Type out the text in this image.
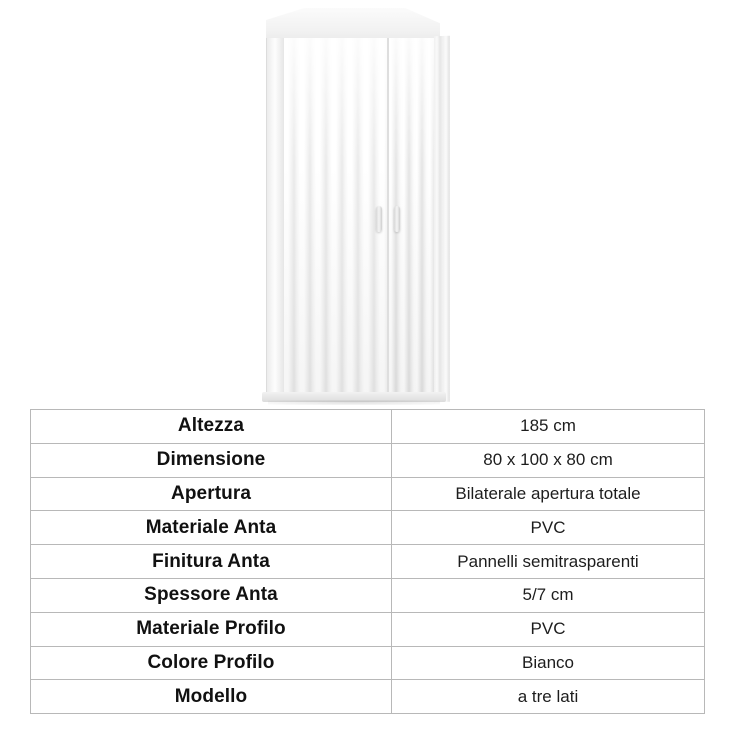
Altezza	185 cm
Dimensione	80 x 100 x 80 cm
Apertura	Bilaterale apertura totale
Materiale Anta	PVC
Finitura Anta	Pannelli semitrasparenti
Spessore Anta	5/7 cm
Materiale Profilo	PVC
Colore Profilo	Bianco
Modello	a tre lati
